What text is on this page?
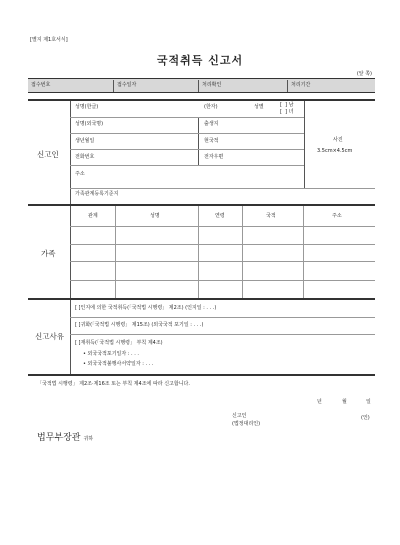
[별지 제1호서식]
국적취득 신고서
(앞 쪽)
접수번호	접수일자	처리확인	처리기간
신고인
성명(한글)	(한자)	성별	[  ] 남
[  ] 녀
성명(외국명)	출생지
생년월일	현국적
전화번호	전자우편
주소
가족관계등록기준지
사진
3.5cm×4.5cm
가족
관계	성명	연령	국적	주소
신고사유
[ ]인지에 의한 국적취득(「국적법 시행령」 제2조) (인지일 : . . .)
[ ]귀화(「국적법 시행령」 제15조) (외국국적 포기일 : . . .)
[ ]재취득(「국적법 시행령」 부칙 제4조)
• 외국국적포기일자 : . . .
• 외국국적불행사서약일자 : . . .
「국적법 시행령」 제2조·제16조 또는 부칙 제4조에 따라 신고합니다.
년	월	일
신고인
(법정대리인)
(인)
법무부장관 귀하
